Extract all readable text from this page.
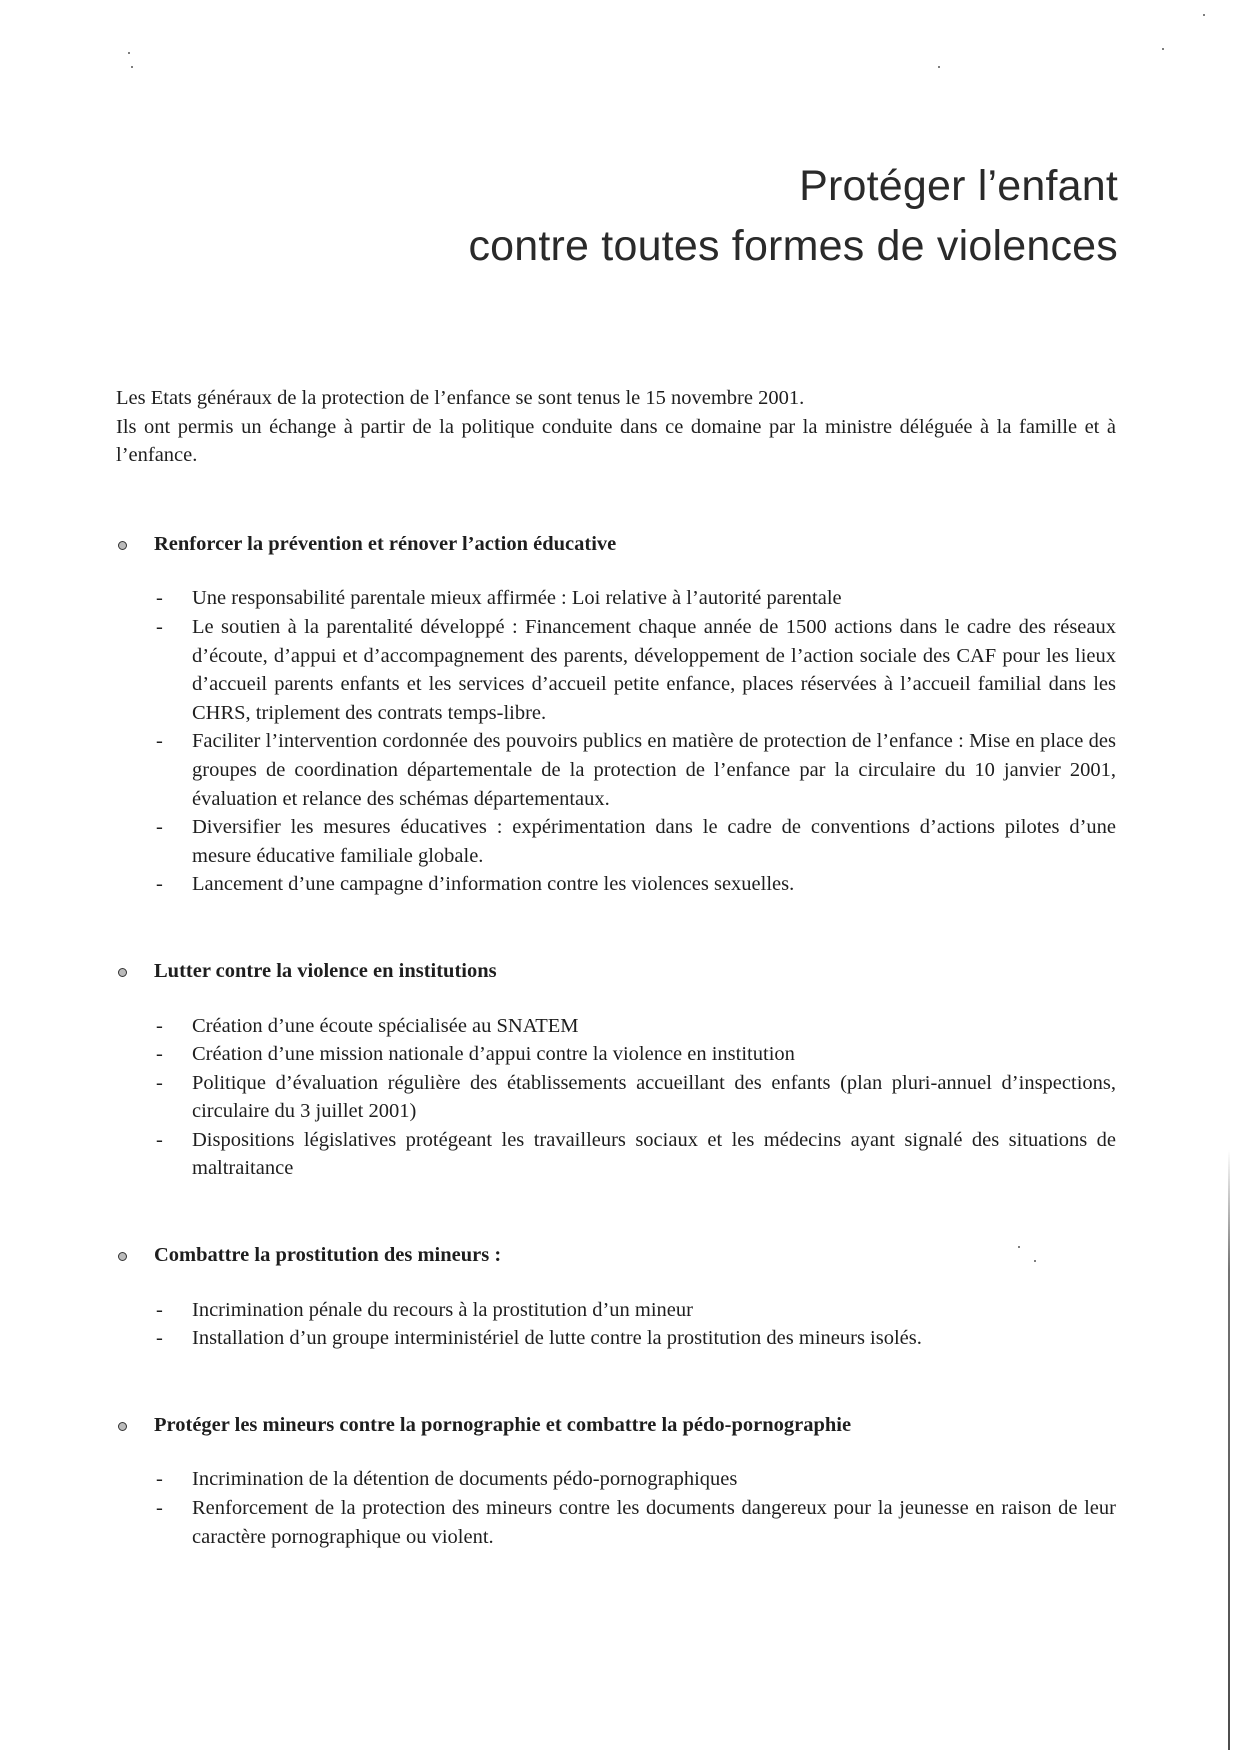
Protéger l’enfant
contre toutes formes de violences

Les Etats généraux de la protection de l’enfance se sont tenus le 15 novembre 2001.

Ils ont permis un échange à partir de la politique conduite dans ce domaine par la ministre déléguée à la famille et à l’enfance.

Renforcer la prévention et rénover l’action éducative

- Une responsabilité parentale mieux affirmée : Loi relative à l’autorité parentale
- Le soutien à la parentalité développé : Financement chaque année de 1500 actions dans le cadre des réseaux d’écoute, d’appui et d’accompagnement des parents, développement de l’action sociale des CAF pour les lieux d’accueil parents enfants et les services d’accueil petite enfance, places réservées à l’accueil familial dans les CHRS, triplement des contrats temps-libre.
- Faciliter l’intervention cordonnée des pouvoirs publics en matière de protection de l’enfance : Mise en place des groupes de coordination départementale de la protection de l’enfance par la circulaire du 10 janvier 2001, évaluation et relance des schémas départementaux.
- Diversifier les mesures éducatives : expérimentation dans le cadre de conventions d’actions pilotes d’une mesure éducative familiale globale.
- Lancement d’une campagne d’information contre les violences sexuelles.

Lutter contre la violence en institutions

- Création d’une écoute spécialisée au SNATEM
- Création d’une mission nationale d’appui contre la violence en institution
- Politique d’évaluation régulière des établissements accueillant des enfants (plan pluri-annuel d’inspections, circulaire du 3 juillet 2001)
- Dispositions législatives protégeant les travailleurs sociaux et les médecins ayant signalé des situations de maltraitance

Combattre la prostitution des mineurs :

- Incrimination pénale du recours à la prostitution d’un mineur
- Installation d’un groupe interministériel de lutte contre la prostitution des mineurs isolés.

Protéger les mineurs contre la pornographie et combattre la pédo-pornographie

- Incrimination de la détention de documents pédo-pornographiques
- Renforcement de la protection des mineurs contre les documents dangereux pour la jeunesse en raison de leur caractère pornographique ou violent.
